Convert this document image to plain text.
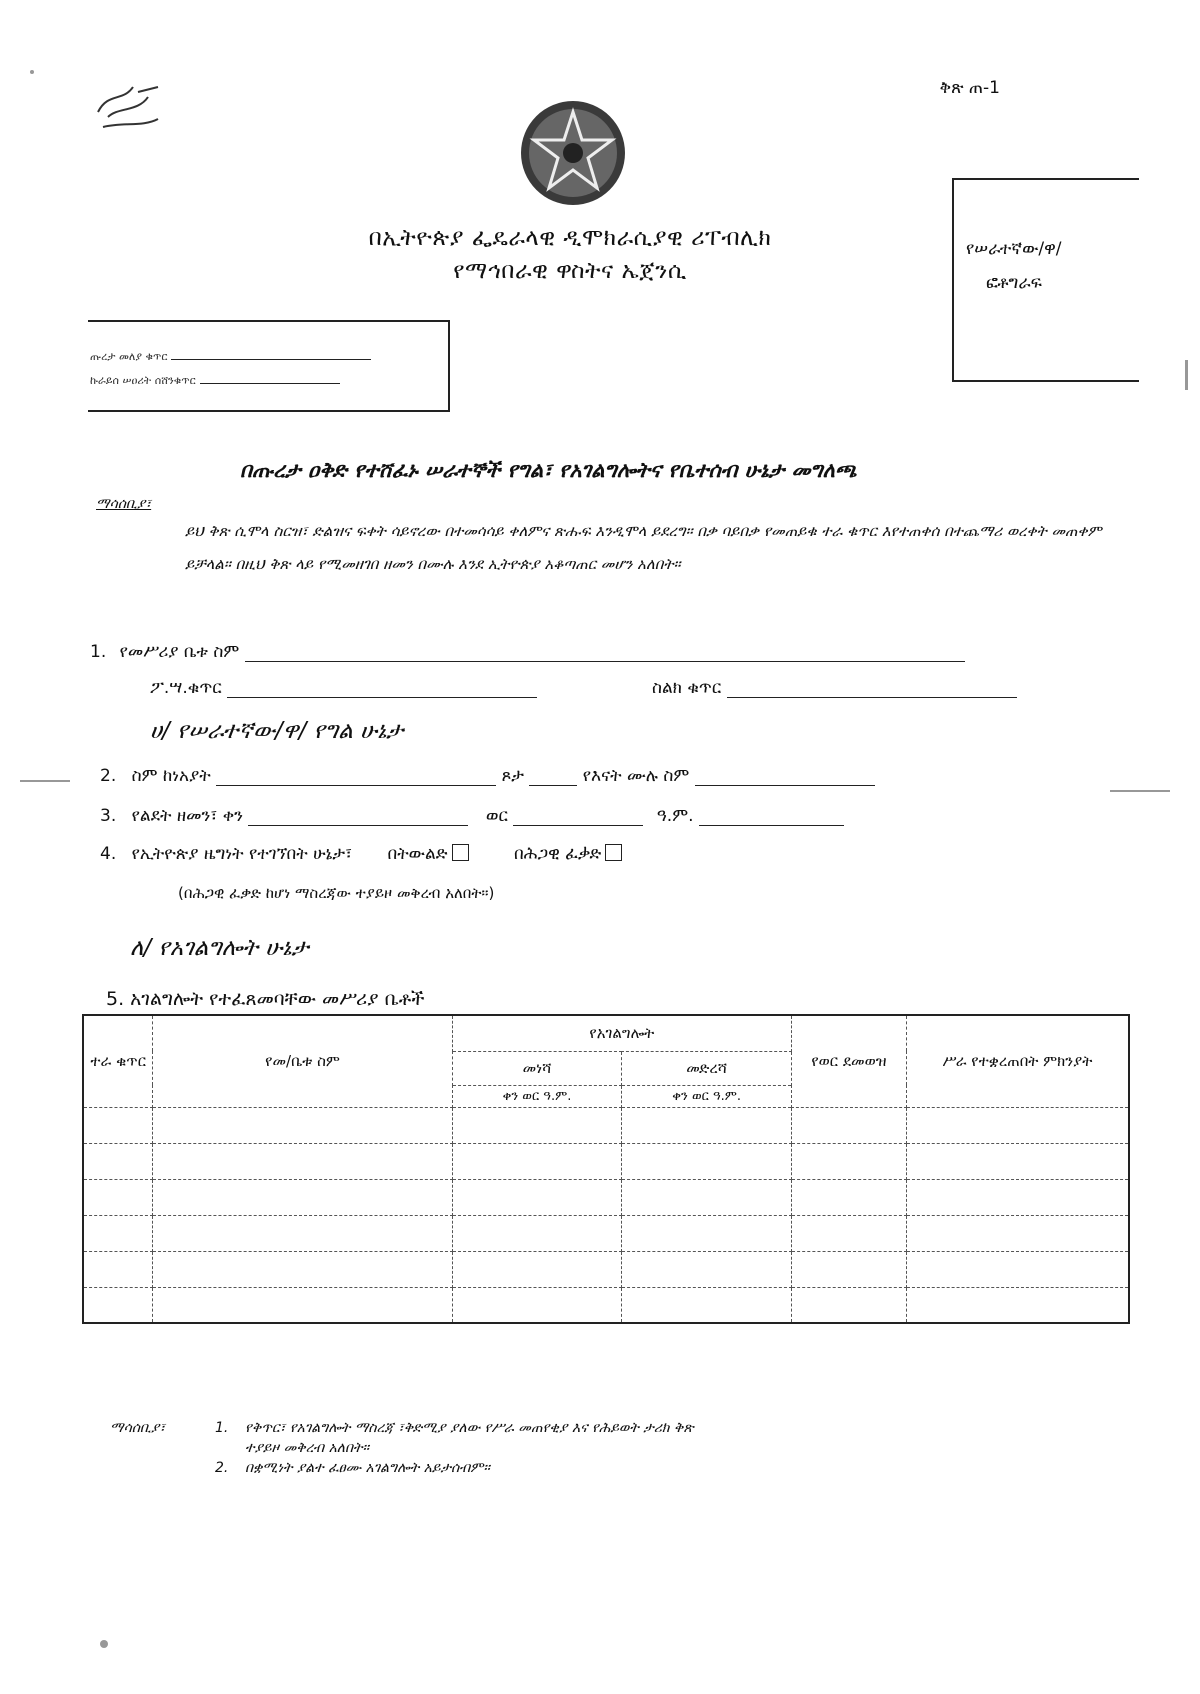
ቅጽ ጠ-1
በኢትዮጵያ ፌዴራላዊ ዲሞክራሲያዊ ሪፐብሊክ
የማኅበራዊ ዋስትና ኤጀንሲ
የሠራተኛው/ዋ/
ፎቶግራፍ
ጡረታ መለያ ቁጥር
ኩራይሰ ሠዐሪት ሰሸንቁጥር
በጡረታ ዐቅድ የተሸፈኑ ሠራተኞች የግል፣ የአገልግሎትና የቤተሰብ ሁኔታ መግለጫ
ማሳሰቢያ፣
ይህ ቅጽ ሲሞላ ስርዝ፣ ድልዝና ፍቀት ሳይኖረው በተመሳሳይ ቀለምና ጽሑፍ እንዲሞላ ይደረግ። በቃ ባይበቃ የመጠይቁ ተራ ቁጥር እየተጠቀሰ በተጨማሪ ወረቀት መጠቀም ይቻላል። በዚህ ቅጽ ላይ የሚመዘገበ ዘመን በሙሉ እንደ ኢትዮጵያ አቆጣጠር መሆን አለበት።
1. የመሥሪያ ቤቱ ስም
ፖ.ሣ.ቁጥር	ስልክ ቁጥር
ሀ/ የሠራተኛው/ዋ/ የግል ሁኔታ
2. ስም ከነአያት	ጾታ	የእናት ሙሉ ስም
3. የልደት ዘመን፣ ቀን	ወር	ዓ.ም.
4. የኢትዮጵያ ዜግነት የተገኘበት ሁኔታ፣ በትውልድ	በሕጋዊ ፈቃድ
(በሕጋዊ ፈቃድ ከሆነ ማስረጃው ተያይዞ መቅረብ አለበት።)
ለ/ የአገልግሎት ሁኔታ
5. አገልግሎት የተፈጸመባቸው መሥሪያ ቤቶች
ተራ ቁጥር	የመ/ቤቱ ስም	የአገልግሎት		የወር ደመወዝ	ሥራ የተቋረጠበት ምክንያት
		መነሻ	መድረሻ		
		ቀን ወር ዓ.ም.	ቀን ወር ዓ.ም.		

ማሳሰቢያ፣	1. የቅጥር፣ የአገልግሎት ማስረጃ ፣ቅድሚያ ያለው የሥራ መጠየቂያ እና የሕይወት ታሪክ ቅጽ
ተያይዞ መቅረብ አለበት።
2. በቋሚነት ያልተ ፈፀሙ አገልግሎት አይታሰብም።
